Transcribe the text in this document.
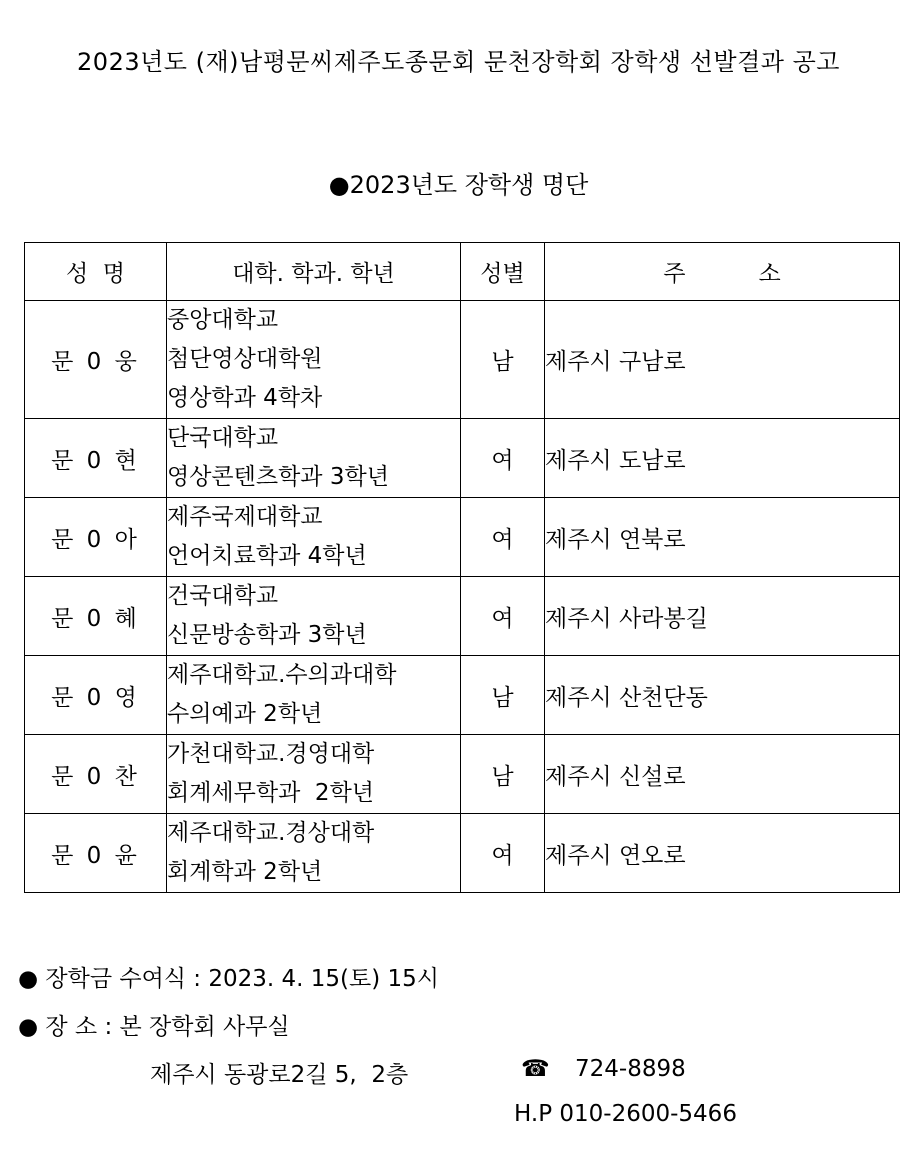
2023년도 (재)남평문씨제주도종문회 문천장학회 장학생 선발결과 공고
●2023년도 장학생 명단
성  명	대학. 학과. 학년	성별	주          소
문 0 웅	중앙대학교
첨단영상대학원
영상학과 4학차	남	제주시 구남로
문 0 현	단국대학교
영상콘텐츠학과 3학년	여	제주시 도남로
문 0 아	제주국제대학교
언어치료학과 4학년	여	제주시 연북로
문 0 혜	건국대학교
신문방송학과 3학년	여	제주시 사라봉길
문 0 영	제주대학교.수의과대학
수의예과 2학년	남	제주시 산천단동
문 0 찬	가천대학교.경영대학
회계세무학과  2학년	남	제주시 신설로
문 0 윤	제주대학교.경상대학
회계학과 2학년	여	제주시 연오로
● 장학금 수여식 : 2023. 4. 15(토) 15시
● 장 소 : 본 장학회 사무실
제주시 동광로2길 5,  2층	☎ 724-8898
H.P 010-2600-5466
